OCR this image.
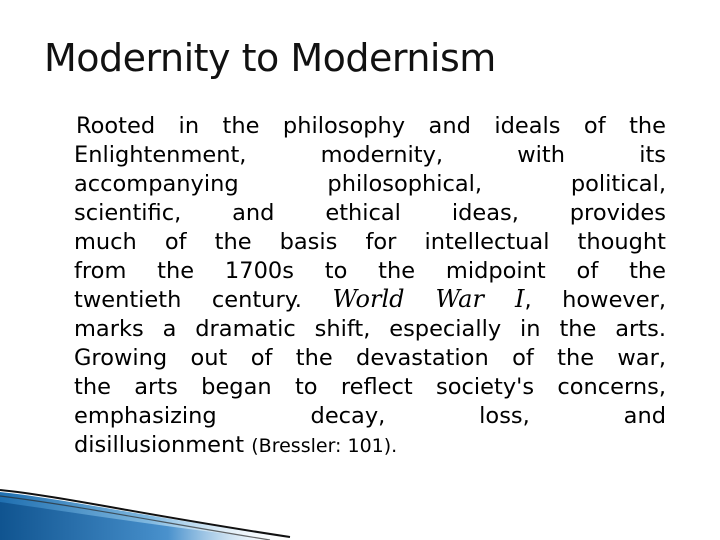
Modernity to Modernism
Rooted in the philosophy and ideals of the
Enlightenment, modernity, with its
accompanying philosophical, political,
scientific, and ethical ideas, provides
much of the basis for intellectual thought
from the 1700s to the midpoint of the
twentieth century. World War I, however,
marks a dramatic shift, especially in the arts.
Growing out of the devastation of the war,
the arts began to reflect society's concerns,
emphasizing decay, loss, and
disillusionment (Bressler: 101).
